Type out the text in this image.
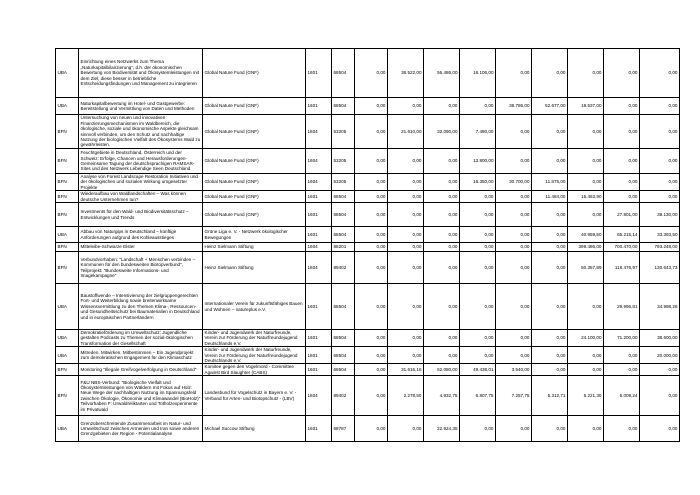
UBA	Einrichtung eines Netzwerks zum Thema „Naturkapitalbilanzierung", d.h. der ökonomischen Bewertung von Biodiversität und Ökosystemleistungen mit dem Ziel, diese besser in betriebliche Entscheidungsfindungen und Management zu integrieren	Global Nature Fund (GNF)	1601	68504	0,00	36.522,00	56.486,00	18.106,00	0,00	0,00	0,00	0,00	0,00
UBA	Naturkapitalbewertung im Hotel- und Gastgewerbe: Bereitstellung und Vermittlung von Daten und Methoden	Global Nature Fund (GNF)	1601	68504	0,00	0,00	0,00	0,00	38.786,00	52.677,00	18.537,00	0,00	0,00
BFN	Untersuchung von neuen und innovativen Finanzierungsmechanismen im Waldbereich, die ökologische, soziale und ökonomische Aspekte gleichsam sinnvoll verbinden, um den Schutz und nachhaltige Nutzung der biologischen Vielfalt des Ökosystems Wald zu gewährleisten.	Global Nature Fund (GNF)	1604	53205	0,00	21.610,00	32.090,00	7.480,00	0,00	0,00	0,00	0,00	0,00
BFN	Feuchtgebiete in Deutschland, Österreich und der Schweiz: Erfolge, Chancen und Herausforderungen- Gemeinsame Tagung der deutschsprachigen RAMSAR-Sites und des Netzwerk Lebendige Seen Deutschland	Global Nature Fund (GNF)	1604	53205	0,00	0,00	0,00	13.800,00	0,00	0,00	0,00	0,00	0,00
BFN	Analyse von Forest Landscape Restoration Initiativen und der ökologischen und sozialen Wirkung umgesetzter Projekte	Global Nature Fund (GNF)	1604	53205	0,00	0,00	0,00	16.350,00	30.700,00	11.875,00	0,00	0,00	0,00
BFN	Wiederaufbau von Waldlandschaften – Was können deutsche Unternehmen tun?	Global Nature Fund (GNF)	1601	68504	0,00	0,00	0,00	0,00	0,00	11.484,00	15.463,90	0,00	0,00
BFN	Investments für den Wald- und Biodiversitätsschutz – Entwicklungen und Trends	Global Nature Fund (GNF)	1601	68504	0,00	0,00	0,00	0,00	0,00	0,00	0,00	27.801,00	39.130,00
UBA	Abbau von Naturgips in Deutschland – künftige Anforderungen aufgrund des Kohleausstieges	Grüne Liga e. V. - Netzwerk ökologischer Bewegungen	1601	68504	0,00	0,00	0,00	0,00	0,00	0,00	40.959,50	65.215,14	33.393,50
BFN	Mitteleibe-Schwarze Elster	Heinz Sielmann Stiftung	1604	88201	0,00	0,00	0,00	0,00	0,00	0,00	399.486,00	700.470,00	793.248,00
BFN	Verbundvorhaben: "Landschaft + Menschen verbinden – Kommunen für den bundesweiten Biotopverbund", Teilprojekt: "Bundesweite Informations- und Imagekampagne"	Heinz Sielmann Stiftung	1604	89402	0,00	0,00	0,00	0,00	0,00	0,00	50.357,89	118.476,97	130.643,73
UBA	Baustoffwende – Intensivierung der zielgruppengerechten Fort- und Weiterbildung sowie breitenwirksame Wissensvermittlung zu den Themen Klima-, Ressourcen- und Gesundheitsschutz bei Baumaterialien in Deutschland und in europäischen Partnerländern	Internationaler Verein für zukunftsfähiges Bauen und Wohnen – natureplus e.V.	1601	68504	0,00	0,00	0,00	0,00	0,00	0,00	0,00	29.996,81	34.998,28
UBA	Demokratieförderung im Umweltschutz: Jugendliche gestalten Podcasts zu Themen der sozial-ökologischen Transformation der Gesellschaft	Kinder- und Jugendwerk der Naturfreunde, Verein zur Förderung der Naturfreundejugend Deutschlands e.V.	1601	68504	0,00	0,00	0,00	0,00	0,00	0,00	24.100,00	71.200,00	38.600,00
UBA	Mitreden. Mitwirken. Mitbestimmen – Ein Jugendprojekt zum demokratischen Engagement für den Klimaschutz	Kinder- und Jugendwerk der Naturfreunde, Verein zur Förderung der Naturfreundejugend Deutschlands e.V.	1601	68504	0,00	0,00	0,00	0,00	0,00	0,00	0,00	0,00	20.000,00
BFN	Monitoring "Illegale Greifvogelverfolgung in Deutschland"	Komitee gegen den Vogelmord - Committee Against Bird Slaughter (CABS)	1601	68504	0,00	31.616,16	62.080,00	49.438,01	3.540,00	0,00	0,00	0,00	0,00
BFN	F&U NBS-Verbund: "Biologische Vielfalt und Ökosystemleistungen von Wäldern mit Fokus auf Holz: Neue Wege der nachhaltigen Nutzung im Spannungsfeld zwischen Ökologie, Ökonomie und Klimawandel (BioHolz)" Teilvorhaben F: Urwaldreliktarten und Totholzexperimente im Privatwald	Landesbund für Vogelschutz in Bayern e. V. - Verband für Arten- und Biotopschutz - (LBV)	1604	89402	0,00	2.278,50	4.932,75	6.807,75	7.257,75	5.312,71	5.221,30	5.009,24	0,00
UBA	Grenzüberschreitende Zusammenarbeit im Natur- und Umweltschutz zwischen Armenien und Iran sowie anderen Grenzgebieten der Region - Potentialanalyse	Michael Succow Stiftung	1601	68787	0,00	0,00	22.924,35	0,00	0,00	0,00	0,00	0,00	0,00
